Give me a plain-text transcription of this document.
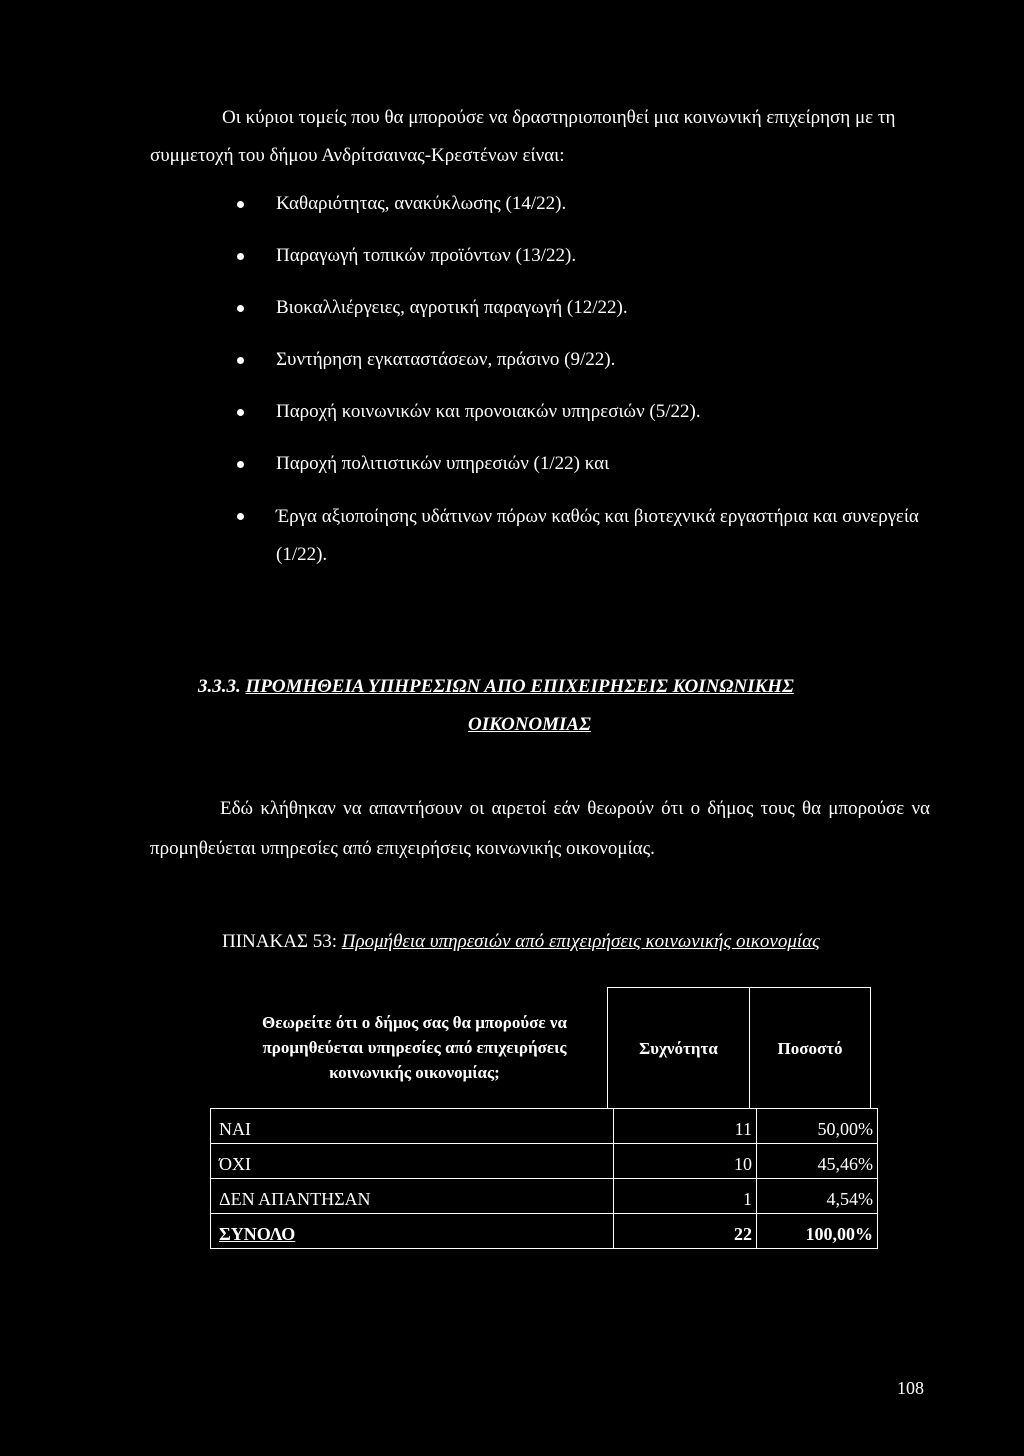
Οι κύριοι τομείς που θα μπορούσε να δραστηριοποιηθεί μια κοινωνική επιχείρηση με τη συμμετοχή του δήμου Ανδρίτσαινας-Κρεστένων είναι:

Καθαριότητας, ανακύκλωσης (14/22).
Παραγωγή τοπικών προϊόντων (13/22).
Βιοκαλλιέργειες, αγροτική παραγωγή (12/22).
Συντήρηση εγκαταστάσεων, πράσινο (9/22).
Παροχή κοινωνικών και προνοιακών υπηρεσιών (5/22).
Παροχή πολιτιστικών υπηρεσιών (1/22) και
Έργα αξιοποίησης υδάτινων πόρων καθώς και βιοτεχνικά εργαστήρια και συνεργεία (1/22).
3.3.3. ΠΡΟΜΗΘΕΙΑ ΥΠΗΡΕΣΙΩΝ ΑΠΟ ΕΠΙΧΕΙΡΗΣΕΙΣ ΚΟΙΝΩΝΙΚΗΣ
ΟΙΚΟΝΟΜΙΑΣ

Εδώ κλήθηκαν να απαντήσουν οι αιρετοί εάν θεωρούν ότι ο δήμος τους θα μπορούσε να προμηθεύεται υπηρεσίες από επιχειρήσεις κοινωνικής οικονομίας.

ΠΙΝΑΚΑΣ 53: Προμήθεια υπηρεσιών από επιχειρήσεις κοινωνικής οικονομίας
Θεωρείτε ότι ο δήμος σας θα μπορούσε να προμηθεύεται υπηρεσίες από επιχειρήσεις κοινωνικής οικονομίας;	Συχνότητα	Ποσοστό
ΝΑΙ	11	50,00%
ΌΧΙ	10	45,46%
ΔΕΝ ΑΠΑΝΤΗΣΑΝ	1	4,54%
ΣΥΝΟΛΟ	22	100,00%
108
